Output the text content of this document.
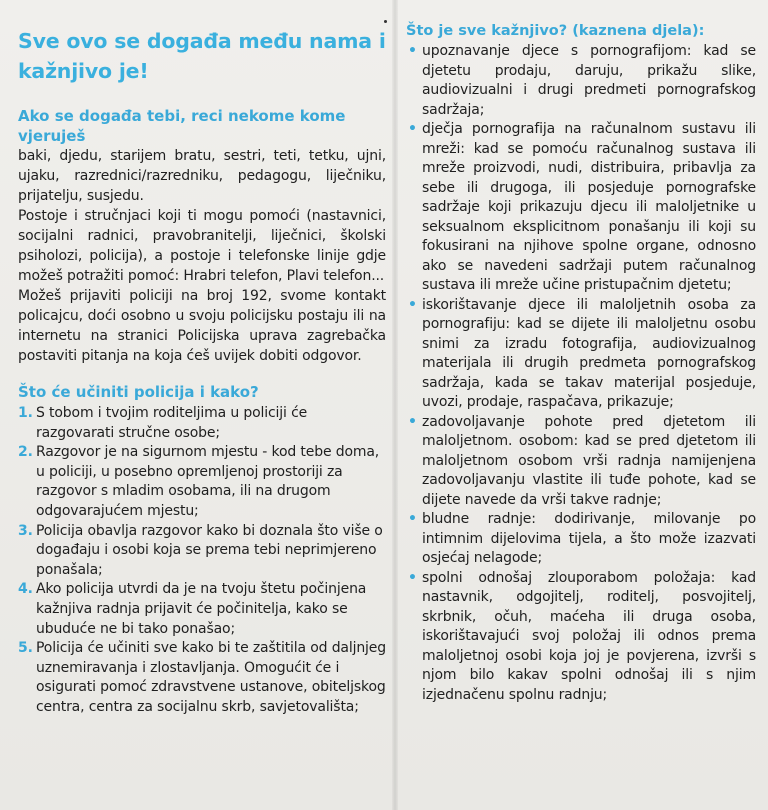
Sve ovo se događa među nama i kažnjivo je!
Ako se događa tebi, reci nekome kome vjeruješ

baki, djedu, starijem bratu, sestri, teti, tetku, ujni, ujaku, razrednici/razredniku, pedagogu, liječniku, prijatelju, susjedu.

Postoje i stručnjaci koji ti mogu pomoći (nastavnici, socijalni radnici, pravobranitelji, liječnici, školski psiholozi, policija), a postoje i telefonske linije gdje možeš potražiti pomoć: Hrabri telefon, Plavi telefon...

Možeš prijaviti policiji na broj 192, svome kontakt policajcu, doći osobno u svoju policijsku postaju ili na internetu na stranici Policijska uprava zagrebačka postaviti pitanja na koja ćeš uvijek dobiti odgovor.

Što će učiniti policija i kako?
1. S tobom i tvojim roditeljima u policiji će razgovarati stručne osobe;
2. Razgovor je na sigurnom mjestu - kod tebe doma, u policiji, u posebno opremljenoj prostoriji za razgovor s mladim osobama, ili na drugom odgovarajućem mjestu;
3. Policija obavlja razgovor kako bi doznala što više o događaju i osobi koja se prema tebi neprimjereno ponašala;
4. Ako policija utvrdi da je na tvoju štetu počinjena kažnjiva radnja prijavit će počinitelja, kako se ubuduće ne bi tako ponašao;
5. Policija će učiniti sve kako bi te zaštitila od daljnjeg uznemiravanja i zlostavljanja. Omogućit će i osigurati pomoć zdravstvene ustanove, obiteljskog centra, centra za socijalnu skrb, savjetovališta;
Što je sve kažnjivo? (kaznena djela):
• upoznavanje djece s pornografijom: kad se djetetu prodaju, daruju, prikažu slike, audiovizualni i drugi predmeti pornografskog sadržaja;
• dječja pornografija na računalnom sustavu ili mreži: kad se pomoću računalnog sustava ili mreže proizvodi, nudi, distribuira, pribavlja za sebe ili drugoga, ili posjeduje pornografske sadržaje koji prikazuju djecu ili maloljetnike u seksualnom eksplicitnom ponašanju ili koji su fokusirani na njihove spolne organe, odnosno ako se navedeni sadržaji putem računalnog sustava ili mreže učine pristupačnim djetetu;
• iskorištavanje djece ili maloljetnih osoba za pornografiju: kad se dijete ili maloljetnu osobu snimi za izradu fotografija, audiovizualnog materijala ili drugih predmeta pornografskog sadržaja, kada se takav materijal posjeduje, uvozi, prodaje, raspačava, prikazuje;
• zadovoljavanje pohote pred djetetom ili maloljetnom. osobom: kad se pred djetetom ili maloljetnom osobom vrši radnja namijenjena zadovoljavanju vlastite ili tuđe pohote, kad se dijete navede da vrši takve radnje;
• bludne radnje: dodirivanje, milovanje po intimnim dijelovima tijela, a što može izazvati osjećaj nelagode;
• spolni odnošaj zlouporabom položaja: kad nastavnik, odgojitelj, roditelj, posvojitelj, skrbnik, očuh, maćeha ili druga osoba, iskorištavajući svoj položaj ili odnos prema maloljetnoj osobi koja joj je povjerena, izvrši s njom bilo kakav spolni odnošaj ili s njim izjednačenu spolnu radnju;
